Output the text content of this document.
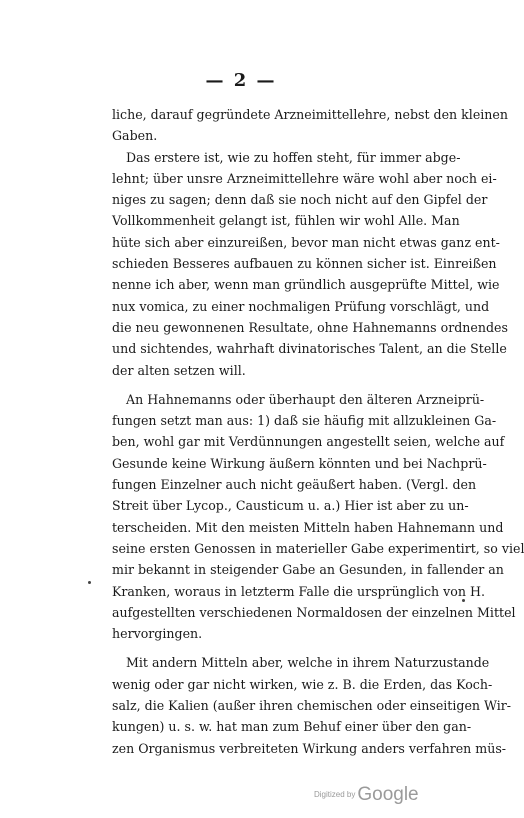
— 2 —
liche, darauf gegründete Arzneimittellehre, nebst den kleinen
Gaben.
Das erstere ist, wie zu hoffen steht, für immer abge-
lehnt; über unsre Arzneimittellehre wäre wohl aber noch ei-
niges zu sagen; denn daß sie noch nicht auf den Gipfel der
Vollkommenheit gelangt ist, fühlen wir wohl Alle. Man
hüte sich aber einzureißen, bevor man nicht etwas ganz ent-
schieden Besseres aufbauen zu können sicher ist. Einreißen
nenne ich aber, wenn man gründlich ausgeprüfte Mittel, wie
nux vomica, zu einer nochmaligen Prüfung vorschlägt, und
die neu gewonnenen Resultate, ohne Hahnemanns ordnendes
und sichtendes, wahrhaft divinatorisches Talent, an die Stelle
der alten setzen will.
An Hahnemanns oder überhaupt den älteren Arzneiprü-
fungen setzt man aus: 1) daß sie häufig mit allzukleinen Ga-
ben, wohl gar mit Verdünnungen angestellt seien, welche auf
Gesunde keine Wirkung äußern könnten und bei Nachprü-
fungen Einzelner auch nicht geäußert haben. (Vergl. den
Streit über Lycop., Causticum u. a.) Hier ist aber zu un-
terscheiden. Mit den meisten Mitteln haben Hahnemann und
seine ersten Genossen in materieller Gabe experimentirt, so viel
mir bekannt in steigender Gabe an Gesunden, in fallender an
Kranken, woraus in letzterm Falle die ursprünglich von H.
aufgestellten verschiedenen Normaldosen der einzelnen Mittel
hervorgingen.
Mit andern Mitteln aber, welche in ihrem Naturzustande
wenig oder gar nicht wirken, wie z. B. die Erden, das Koch-
salz, die Kalien (außer ihren chemischen oder einseitigen Wir-
kungen) u. s. w. hat man zum Behuf einer über den gan-
zen Organismus verbreiteten Wirkung anders verfahren müs-
Digitized by Google
